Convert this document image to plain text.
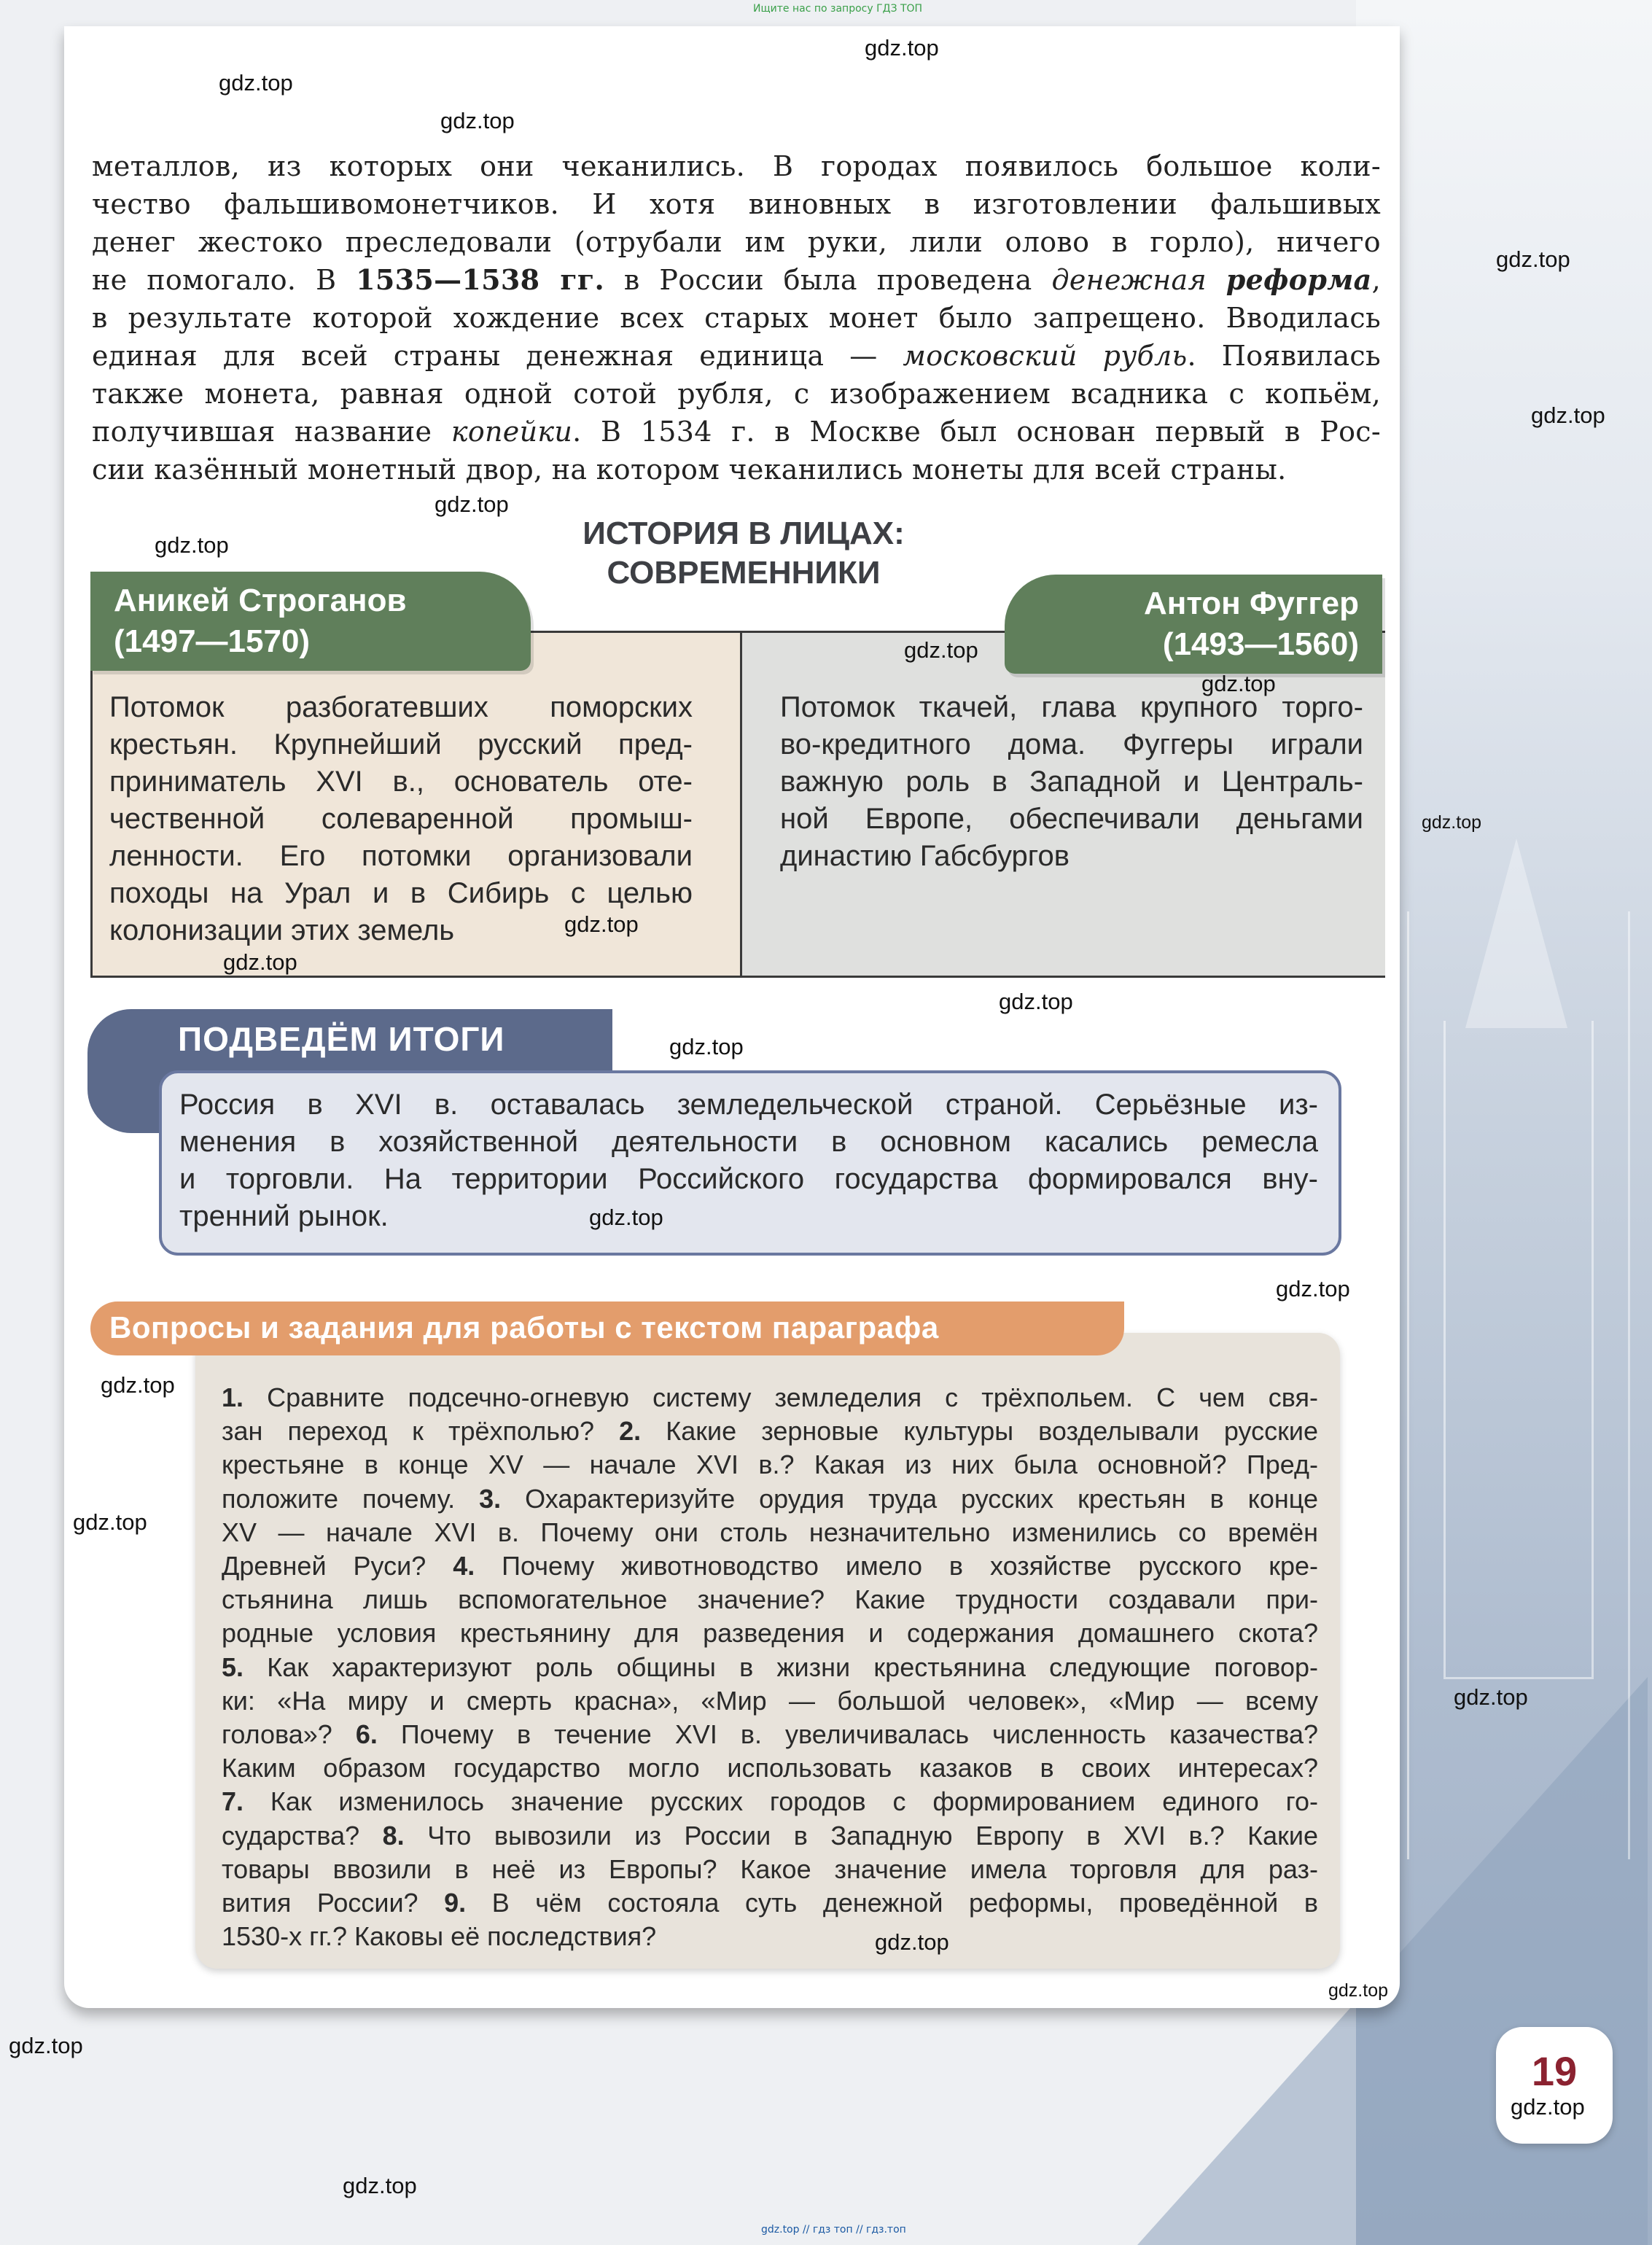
Ищите нас по запросу ГДЗ ТОП

металлов, из которых они чеканились. В городах появилось большое коли-

чество фальшивомонетчиков. И хотя виновных в изготовлении фальшивых

денег жестоко преследовали (отрубали им руки, лили олово в горло), ничего

не помогало. В 1535—1538 гг. в России была проведена денежная реформа,

в результате которой хождение всех старых монет было запрещено. Вводилась

единая для всей страны денежная единица — московский рубль. Появилась

также монета, равная одной сотой рубля, с изображением всадника с копьём,

получившая название копейки. В 1534 г. в Москве был основан первый в Рос-

сии казённый монетный двор, на котором чеканились монеты для всей страны.

ИСТОРИЯ В ЛИЦАХ:
СОВРЕМЕННИКИ
Аникей Строганов
(1497—1570)
Антон Фуггер
(1493—1560)

Потомок разбогатевших поморских

крестьян. Крупнейший русский пред-

приниматель XVI в., основатель оте-

чественной солеваренной промыш-

ленности. Его потомки организовали

походы на Урал и в Сибирь с целью

колонизации этих земель

Потомок ткачей, глава крупного торго-

во-кредитного дома. Фуггеры играли

важную роль в Западной и Централь-

ной Европе, обеспечивали деньгами

династию Габсбургов

ПОДВЕДЁМ ИТОГИ

Россия в XVI в. оставалась земледельческой страной. Серьёзные из-

менения в хозяйственной деятельности в основном касались ремесла

и торговли. На территории Российского государства формировался вну-

тренний рынок.

Вопросы и задания для работы с текстом параграфа

1. Сравните подсечно-огневую систему земледелия с трёхпольем. С чем свя-

зан переход к трёхполью? 2. Какие зерновые культуры возделывали русские

крестьяне в конце XV — начале XVI в.? Какая из них была основной? Пред-

положите почему. 3. Охарактеризуйте орудия труда русских крестьян в конце

XV — начале XVI в. Почему они столь незначительно изменились со времён

Древней Руси? 4. Почему животноводство имело в хозяйстве русского кре-

стьянина лишь вспомогательное значение? Какие трудности создавали при-

родные условия крестьянину для разведения и содержания домашнего скота?

5. Как характеризуют роль общины в жизни крестьянина следующие поговор-

ки: «На миру и смерть красна», «Мир — большой человек», «Мир — всему

голова»? 6. Почему в течение XVI в. увеличивалась численность казачества?

Каким образом государство могло использовать казаков в своих интересах?

7. Как изменилось значение русских городов с формированием единого го-

сударства? 8. Что вывозили из России в Западную Европу в XVI в.? Какие

товары ввозили в неё из Европы? Какое значение имела торговля для раз-

вития России? 9. В чём состояла суть денежной реформы, проведённой в

1530-х гг.? Каковы её последствия?

19
gdz.top
gdz.top
gdz.top
gdz.top
gdz.top
gdz.top
gdz.top
gdz.top
gdz.top
gdz.top
gdz.top
gdz.top
gdz.top
gdz.top
gdz.top
gdz.top
gdz.top
gdz.top
gdz.top
gdz.top
gdz.top
gdz.top
gdz.top
gdz.top
gdz.top // гдз топ // гдз.топ
